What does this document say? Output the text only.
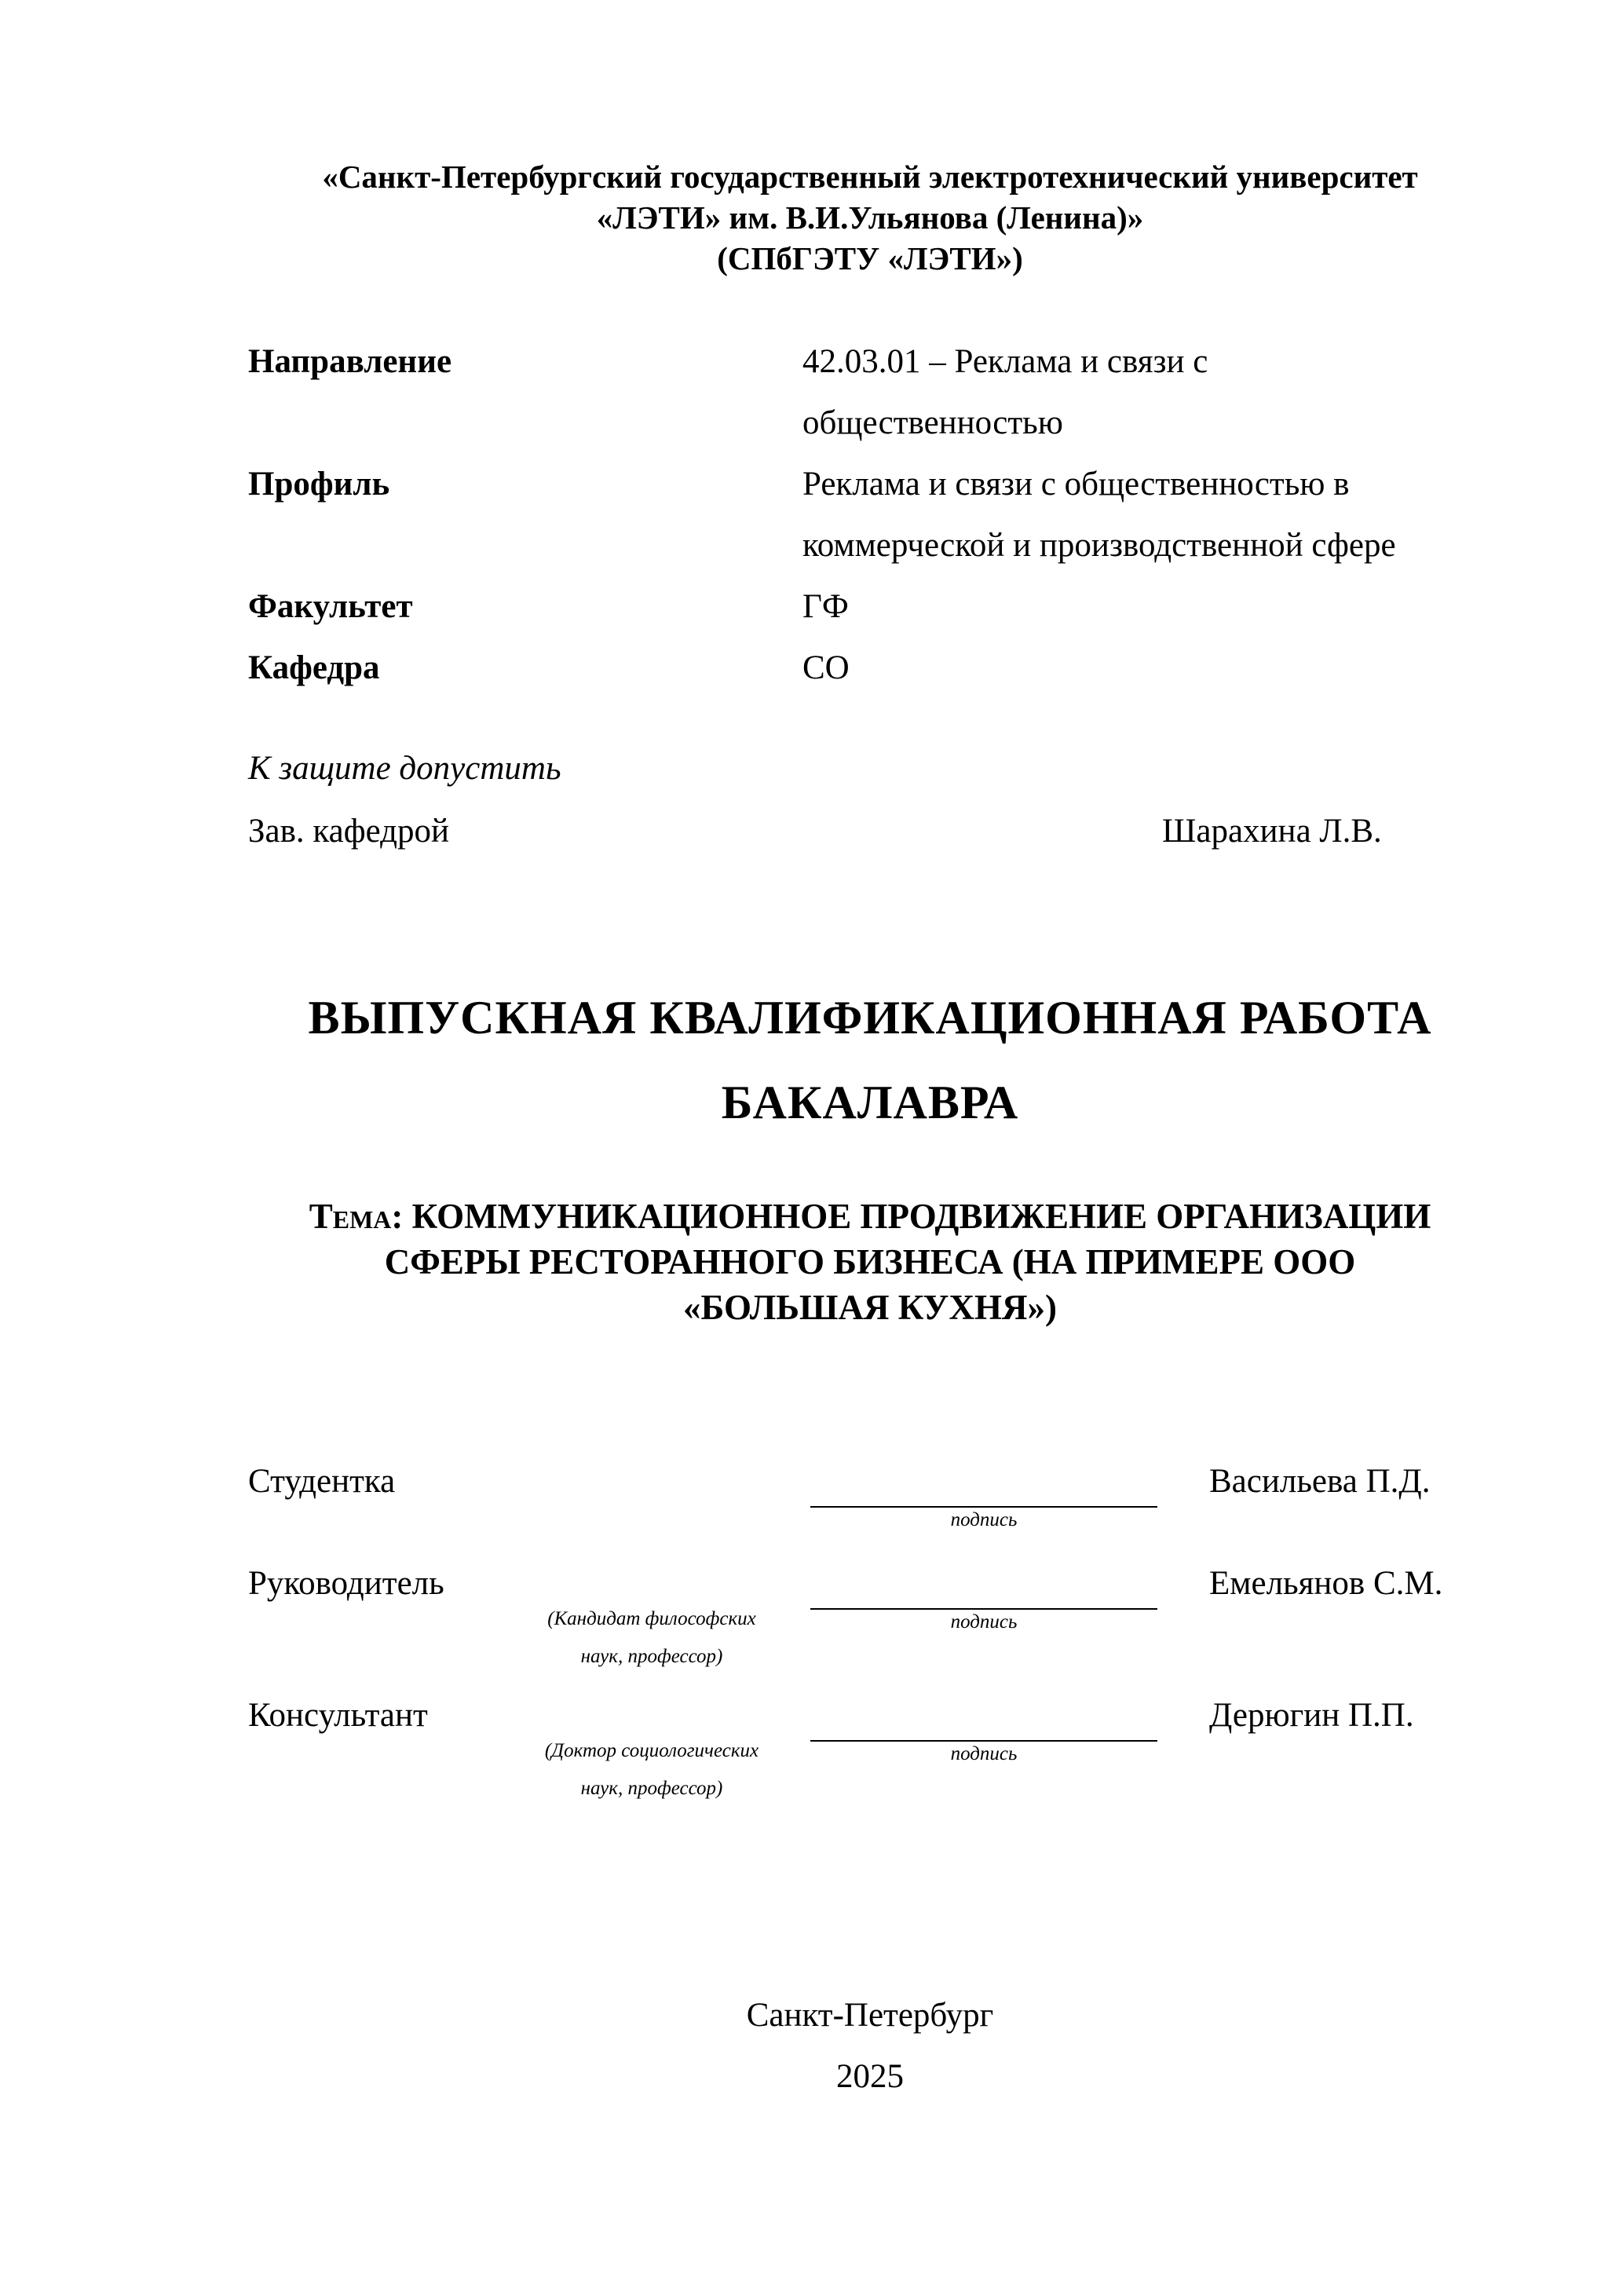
«Санкт-Петербургский государственный электротехнический университет
«ЛЭТИ» им. В.И.Ульянова (Ленина)»
(СПбГЭТУ «ЛЭТИ»)
Направление	42.03.01 – Реклама и связи с
общественностью
Профиль	Реклама и связи с общественностью в
коммерческой и производственной сфере
Факультет	ГФ
Кафедра	СО
К защите допустить
Зав. кафедрой	Шарахина Л.В.
ВЫПУСКНАЯ КВАЛИФИКАЦИОННАЯ РАБОТА
БАКАЛАВРА
Тема: КОММУНИКАЦИОННОЕ ПРОДВИЖЕНИЕ ОРГАНИЗАЦИИ
СФЕРЫ РЕСТОРАННОГО БИЗНЕСА (НА ПРИМЕРЕ ООО
«БОЛЬШАЯ КУХНЯ»)
Студентка
подпись
Васильева П.Д.
Руководитель
(Кандидат философских
наук, профессор)
подпись
Емельянов С.М.
Консультант
(Доктор социологических
наук, профессор)
подпись
Дерюгин П.П.
Санкт-Петербург
2025
